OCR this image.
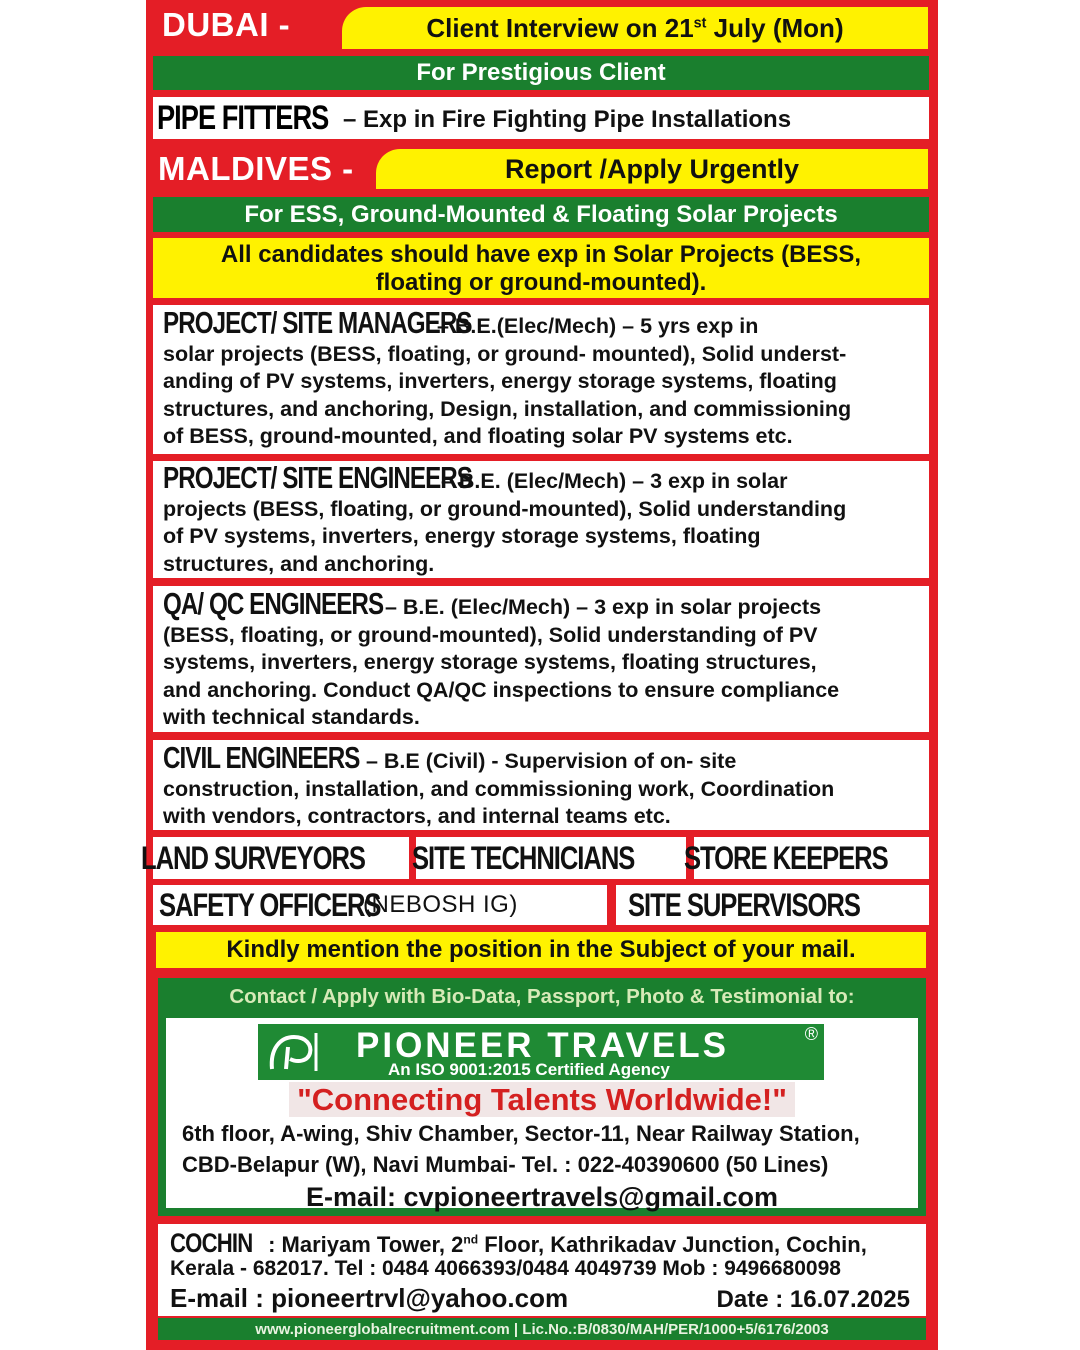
DUBAI -	Client Interview on 21st July (Mon)
For Prestigious Client
PIPE FITTERS – Exp in Fire Fighting Pipe Installations
MALDIVES -	Report /Apply Urgently
For ESS, Ground-Mounted & Floating Solar Projects
All candidates should have exp in Solar Projects (BESS,
floating or ground-mounted).
PROJECT/ SITE MANAGERS – B.E.(Elec/Mech) – 5 yrs exp in
solar projects (BESS, floating, or ground- mounted), Solid underst-
anding of PV systems, inverters, energy storage systems, floating
structures, and anchoring, Design, installation, and commissioning
of BESS, ground-mounted, and floating solar PV systems etc.
PROJECT/ SITE ENGINEERS – B.E. (Elec/Mech) – 3 exp in solar
projects (BESS, floating, or ground-mounted), Solid understanding
of PV systems, inverters, energy storage systems, floating
structures, and anchoring.
QA/ QC ENGINEERS – B.E. (Elec/Mech) – 3 exp in solar projects
(BESS, floating, or ground-mounted), Solid understanding of PV
systems, inverters, energy storage systems, floating structures,
and anchoring. Conduct QA/QC inspections to ensure compliance
with technical standards.
CIVIL ENGINEERS – B.E (Civil) - Supervision of on- site
construction, installation, and commissioning work, Coordination
with vendors, contractors, and internal teams etc.
LAND SURVEYORS SITE TECHNICIANS STORE KEEPERS
SAFETY OFFICERS
(NEBOSH IG)	SITE SUPERVISORS
Kindly mention the position in the Subject of your mail.
Contact / Apply with Bio-Data, Passport, Photo & Testimonial to:
PIONEER TRAVELS	®
An ISO 9001:2015 Certified Agency
"Connecting Talents Worldwide!"
6th floor, A-wing, Shiv Chamber, Sector-11, Near Railway Station,
CBD-Belapur (W), Navi Mumbai- Tel. : 022-40390600 (50 Lines)
E-mail: cvpioneertravels@gmail.com
COCHIN : Mariyam Tower, 2nd Floor, Kathrikadav Junction, Cochin,
Kerala - 682017. Tel : 0484 4066393/0484 4049739 Mob : 9496680098
E-mail : pioneertrvl@yahoo.com	Date : 16.07.2025
www.pioneerglobalrecruitment.com | Lic.No.:B/0830/MAH/PER/1000+5/6176/2003
